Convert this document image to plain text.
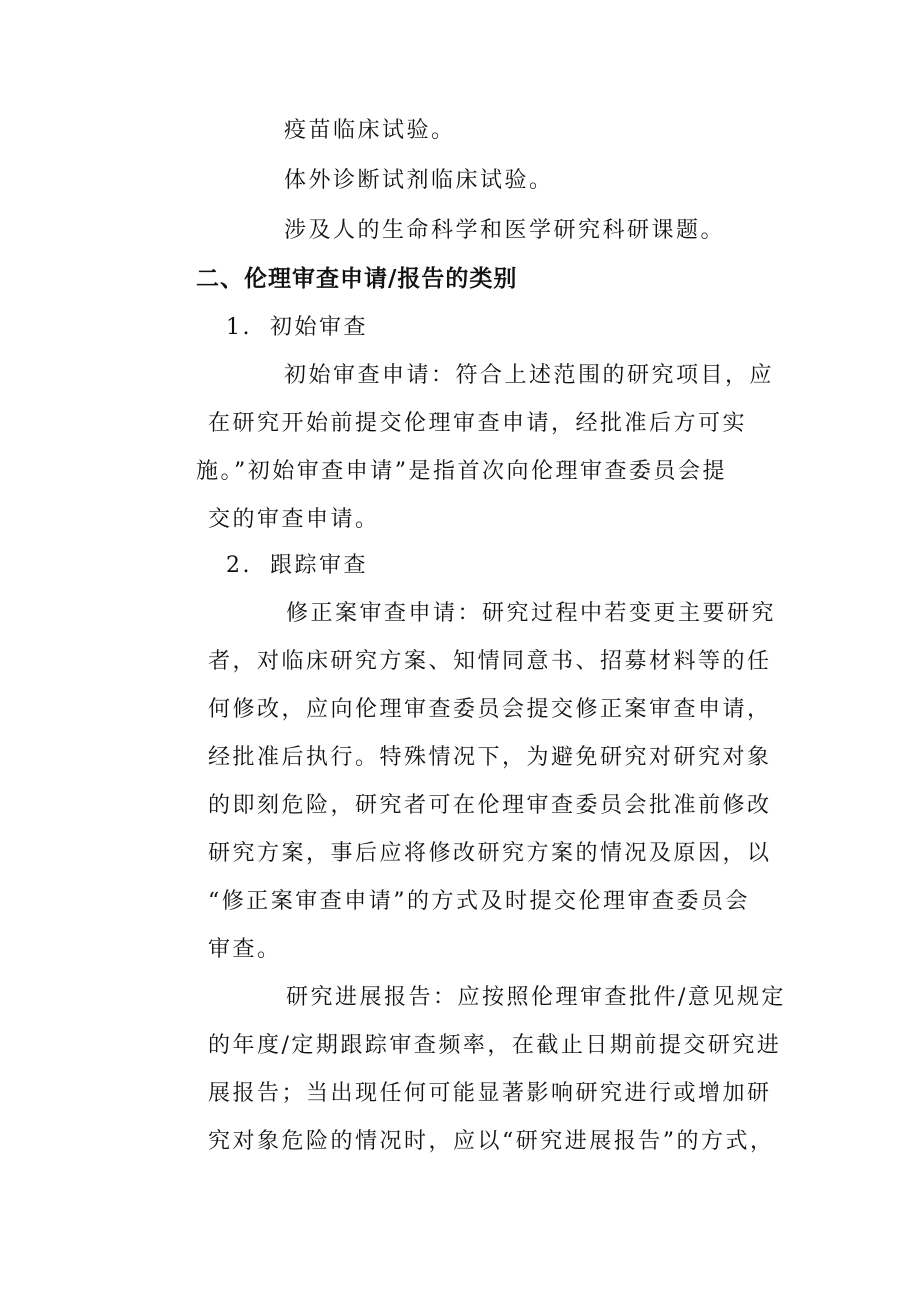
疫苗临床试验。

体外诊断试剂临床试验。

涉及人的生命科学和医学研究科研课题。

二、伦理审查申请/报告的类别

1. 初始审查

初始审查申请：符合上述范围的研究项目，应

在研究开始前提交伦理审查申请，经批准后方可实

施。”初始审查申请”是指首次向伦理审查委员会提

交的审查申请。

2. 跟踪审查

修正案审查申请：研究过程中若变更主要研究

者，对临床研究方案、知情同意书、招募材料等的任

何修改，应向伦理审查委员会提交修正案审查申请，

经批准后执行。特殊情况下，为避免研究对研究对象

的即刻危险，研究者可在伦理审查委员会批准前修改

研究方案，事后应将修改研究方案的情况及原因，以

“修正案审查申请”的方式及时提交伦理审查委员会

审查。

研究进展报告：应按照伦理审查批件/意见规定

的年度/定期跟踪审查频率，在截止日期前提交研究进

展报告；当出现任何可能显著影响研究进行或增加研

究对象危险的情况时，应以“研究进展报告”的方式，
